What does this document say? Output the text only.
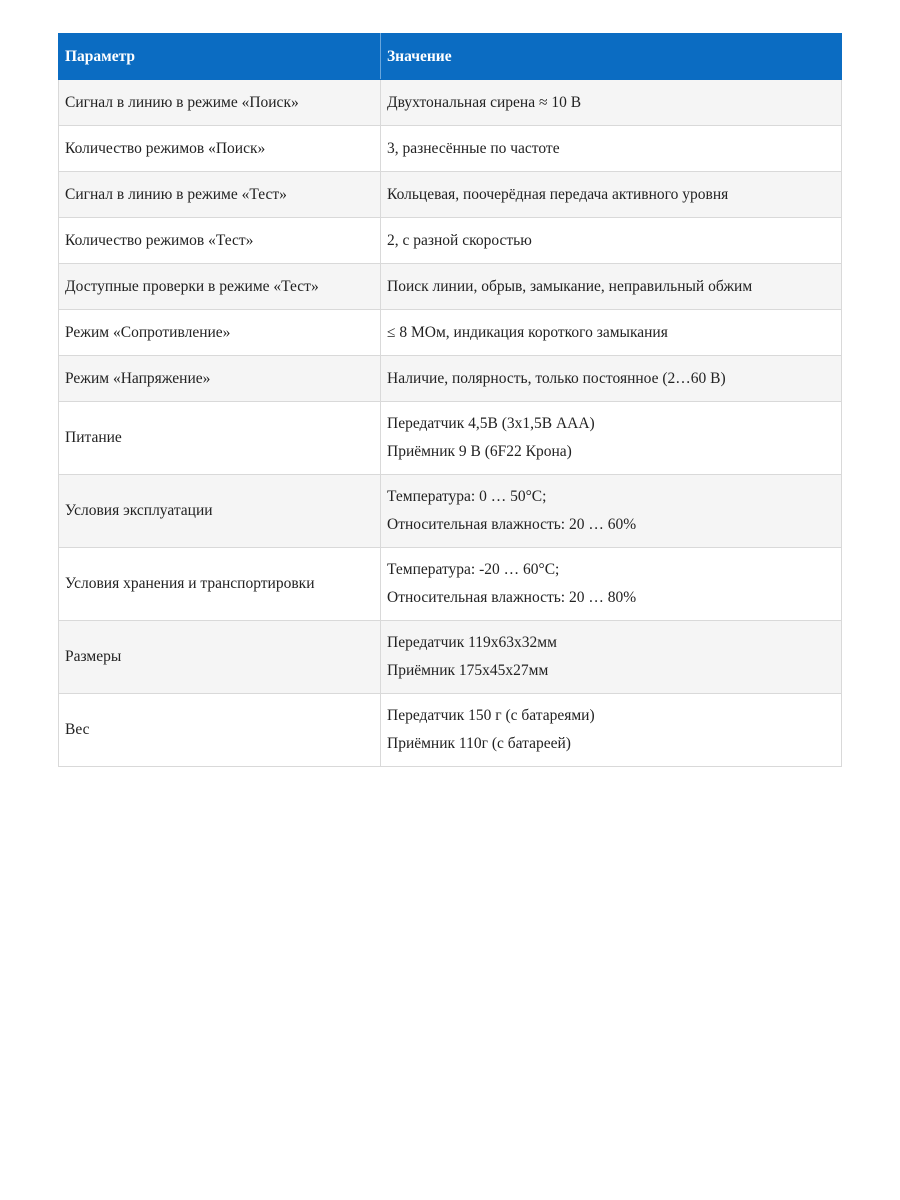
Параметр	Значение
Сигнал в линию в режиме «Поиск»	Двухтональная сирена ≈ 10 В

Количество режимов «Поиск»	3, разнесённые по частоте

Сигнал в линию в режиме «Тест»	Кольцевая, поочерёдная передача активного уровня

Количество режимов «Тест»	2, с разной скоростью

Доступные проверки в режиме «Тест»	Поиск линии, обрыв, замыкание, неправильный обжим

Режим «Сопротивление»	≤ 8 МОм, индикация короткого замыкания

Режим «Напряжение»	Наличие, полярность, только постоянное (2…60 В)

Питание	Передатчик 4,5В (3х1,5В ААА)
Приёмник 9 В (6F22 Крона)

Условия эксплуатации	Температура: 0 … 50°С;
Относительная влажность: 20 … 60%

Условия хранения и транспортировки	Температура: -20 … 60°С;
Относительная влажность: 20 … 80%

Размеры	Передатчик 119х63х32мм
Приёмник 175х45х27мм

Вес	Передатчик 150 г (с батареями)
Приёмник 110г (с батареей)
